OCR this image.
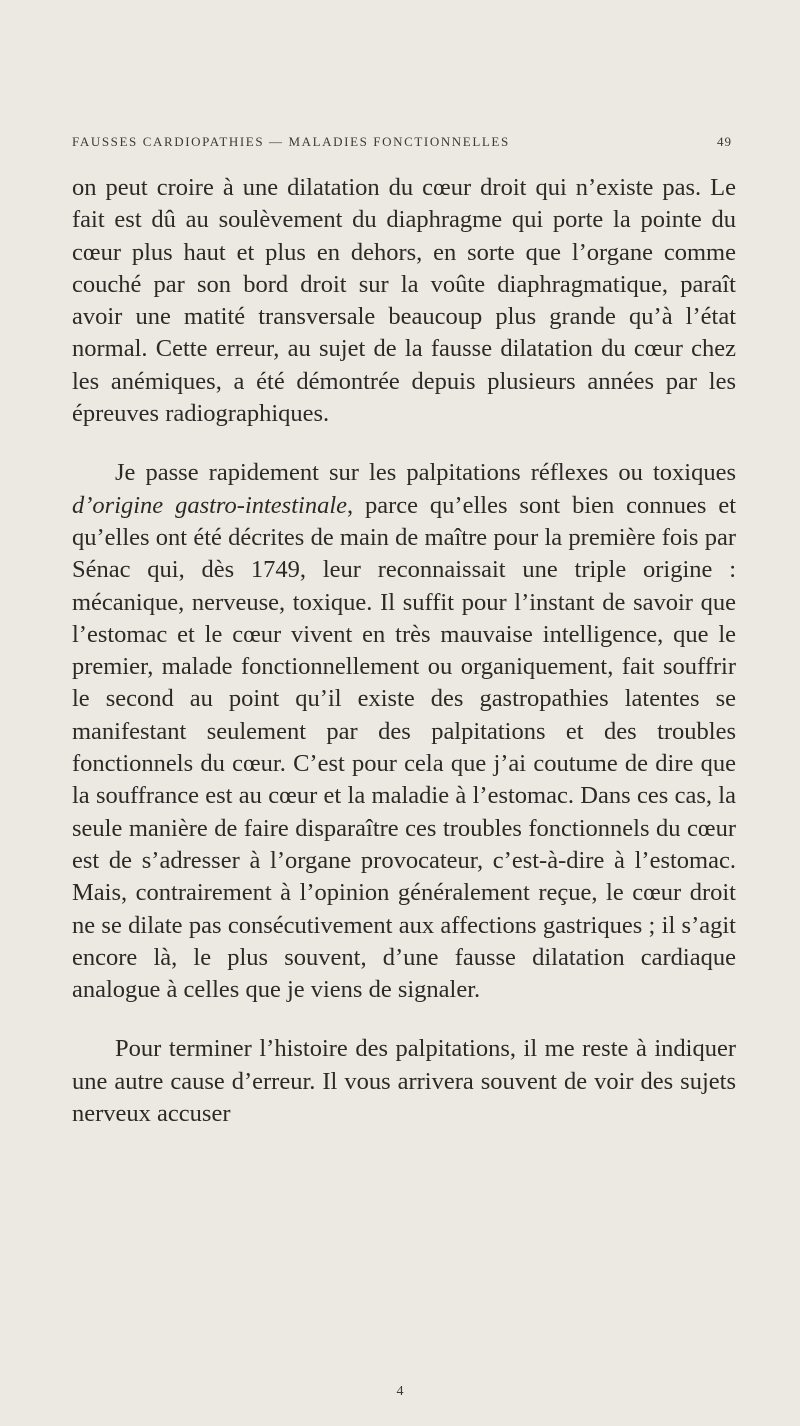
FAUSSES CARDIOPATHIES — MALADIES FONCTIONNELLES	49

on peut croire à une dilatation du cœur droit qui n’existe pas. Le fait est dû au soulèvement du diaphragme qui porte la pointe du cœur plus haut et plus en dehors, en sorte que l’organe comme couché par son bord droit sur la voûte diaphragmatique, paraît avoir une matité transversale beaucoup plus grande qu’à l’état normal. Cette erreur, au sujet de la fausse dilatation du cœur chez les anémiques, a été démontrée depuis plusieurs années par les épreuves radiographiques.

Je passe rapidement sur les palpitations réflexes ou toxiques d’origine gastro-intestinale, parce qu’elles sont bien connues et qu’elles ont été décrites de main de maître pour la première fois par Sénac qui, dès 1749, leur reconnaissait une triple origine : mécanique, nerveuse, toxique. Il suffit pour l’instant de savoir que l’estomac et le cœur vivent en très mauvaise intelligence, que le premier, malade fonctionnellement ou organiquement, fait souffrir le second au point qu’il existe des gastropathies latentes se manifestant seulement par des palpitations et des troubles fonctionnels du cœur. C’est pour cela que j’ai coutume de dire que la souffrance est au cœur et la maladie à l’estomac. Dans ces cas, la seule manière de faire disparaître ces troubles fonctionnels du cœur est de s’adresser à l’organe provocateur, c’est-à-dire à l’estomac. Mais, contrairement à l’opinion généralement reçue, le cœur droit ne se dilate pas consécutivement aux affections gastriques ; il s’agit encore là, le plus souvent, d’une fausse dilatation cardiaque analogue à celles que je viens de signaler.

Pour terminer l’histoire des palpitations, il me reste à indiquer une autre cause d’erreur. Il vous arrivera souvent de voir des sujets nerveux accuser

4
